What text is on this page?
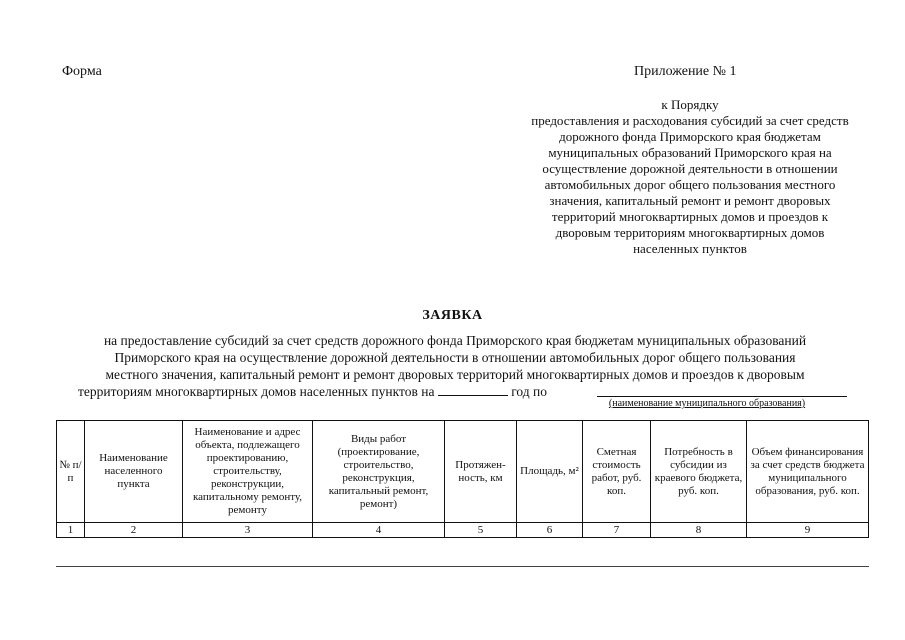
Форма	Приложение № 1
к Порядку
предоставления и расходования субсидий за счет средств
дорожного фонда Приморского края бюджетам
муниципальных образований Приморского края на
осуществление дорожной деятельности в отношении
автомобильных дорог общего пользования местного
значения, капитальный ремонт и ремонт дворовых
территорий многоквартирных домов и проездов к
дворовым территориям многоквартирных домов
населенных пунктов
ЗАЯВКА
на предоставление субсидий за счет средств дорожного фонда Приморского края бюджетам муниципальных образований
Приморского края на осуществление дорожной деятельности в отношении автомобильных дорог общего пользования
местного значения, капитальный ремонт и ремонт дворовых территорий многоквартирных домов и проездов к дворовым
территориям многоквартирных домов населенных пунктов на	год по
(наименование муниципального образования)
№ п/п	Наименование населенного пункта	Наименование и адрес объекта, подлежащего проектированию, строительству, реконструкции, капитальному ремонту, ремонту	Виды работ (проектирование, строительство, реконструкция, капитальный ремонт, ремонт)	Протяжен-ность, км	Площадь, м²	Сметная стоимость работ, руб. коп.	Потребность в субсидии из краевого бюджета, руб. коп.	Объем финансирования за счет средств бюджета муниципального образования, руб. коп.
1	2	3	4	5	6	7	8	9
